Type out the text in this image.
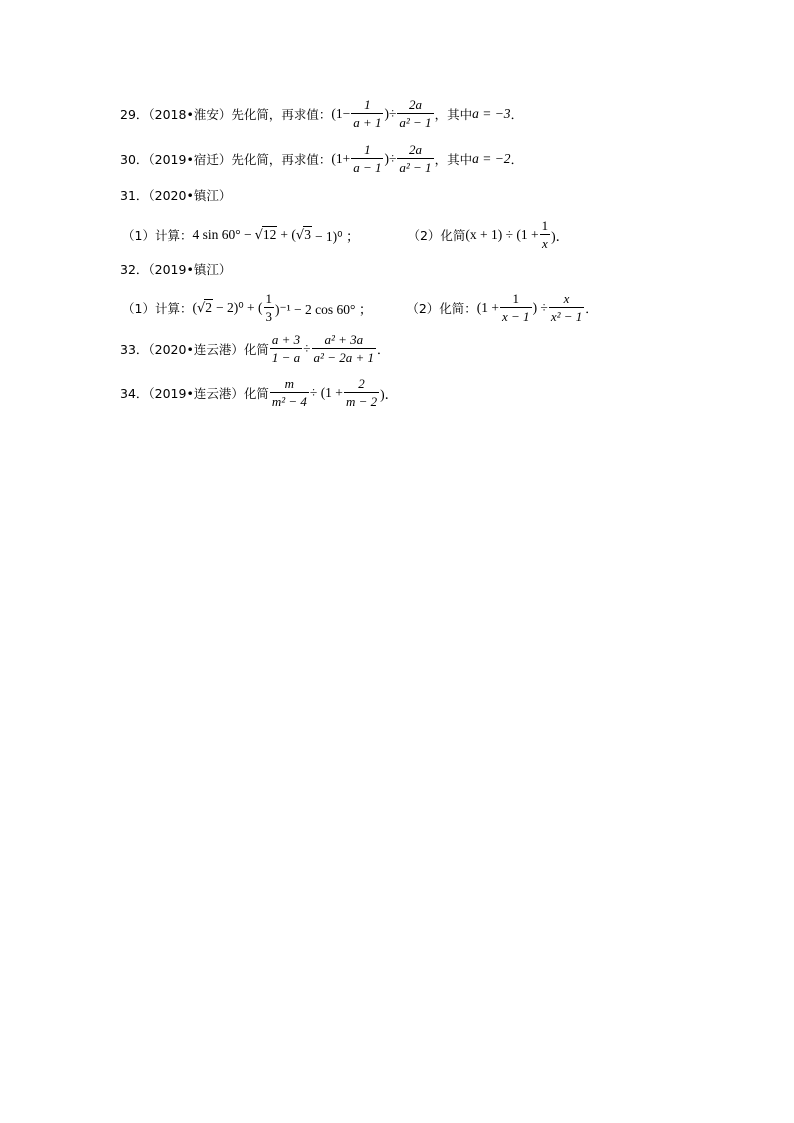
29．（2018•淮安）先化简，再求值： ($1- \frac{1}{a + 1}$ )÷ $\frac{2a}{\text{a² − 1}}$ ，其中 a = −3 ．
30．（2019•宿迁）先化简，再求值： ($1+ \frac{1}{a - 1}$ )÷ $\frac{2a}{\text{a² − 1}}$ ，其中 a = −2 ．
31．（2020•镇江）
（1）计算： 4 sin 60° − √ 12 + ( √ 3 − 1)⁰ ；	（2）化简 $(x + 1) \div (1 + \frac{1}{x}$ )．
32．（2019•镇江）
（1）计算： ( √ 2 − 2)⁰ + ( $\frac{1}{3} )^{-1} - 2$ cos 60° ；	（2）化简： ($1 + \frac{1}{x - 1}$ ) ÷ $\frac{x}{\text{x² − 1}}$ ．
33．（2020•连云港）化简 $\frac{a + 3}{1 - a} \div \frac{\text{a² + 3a}}{\text{a² − 2a + 1}}$ ．
34．（2019•连云港）化简 $\frac{m}{\text{m² − 4}} \div (1 + \frac{2}{m - 2}$ )．
